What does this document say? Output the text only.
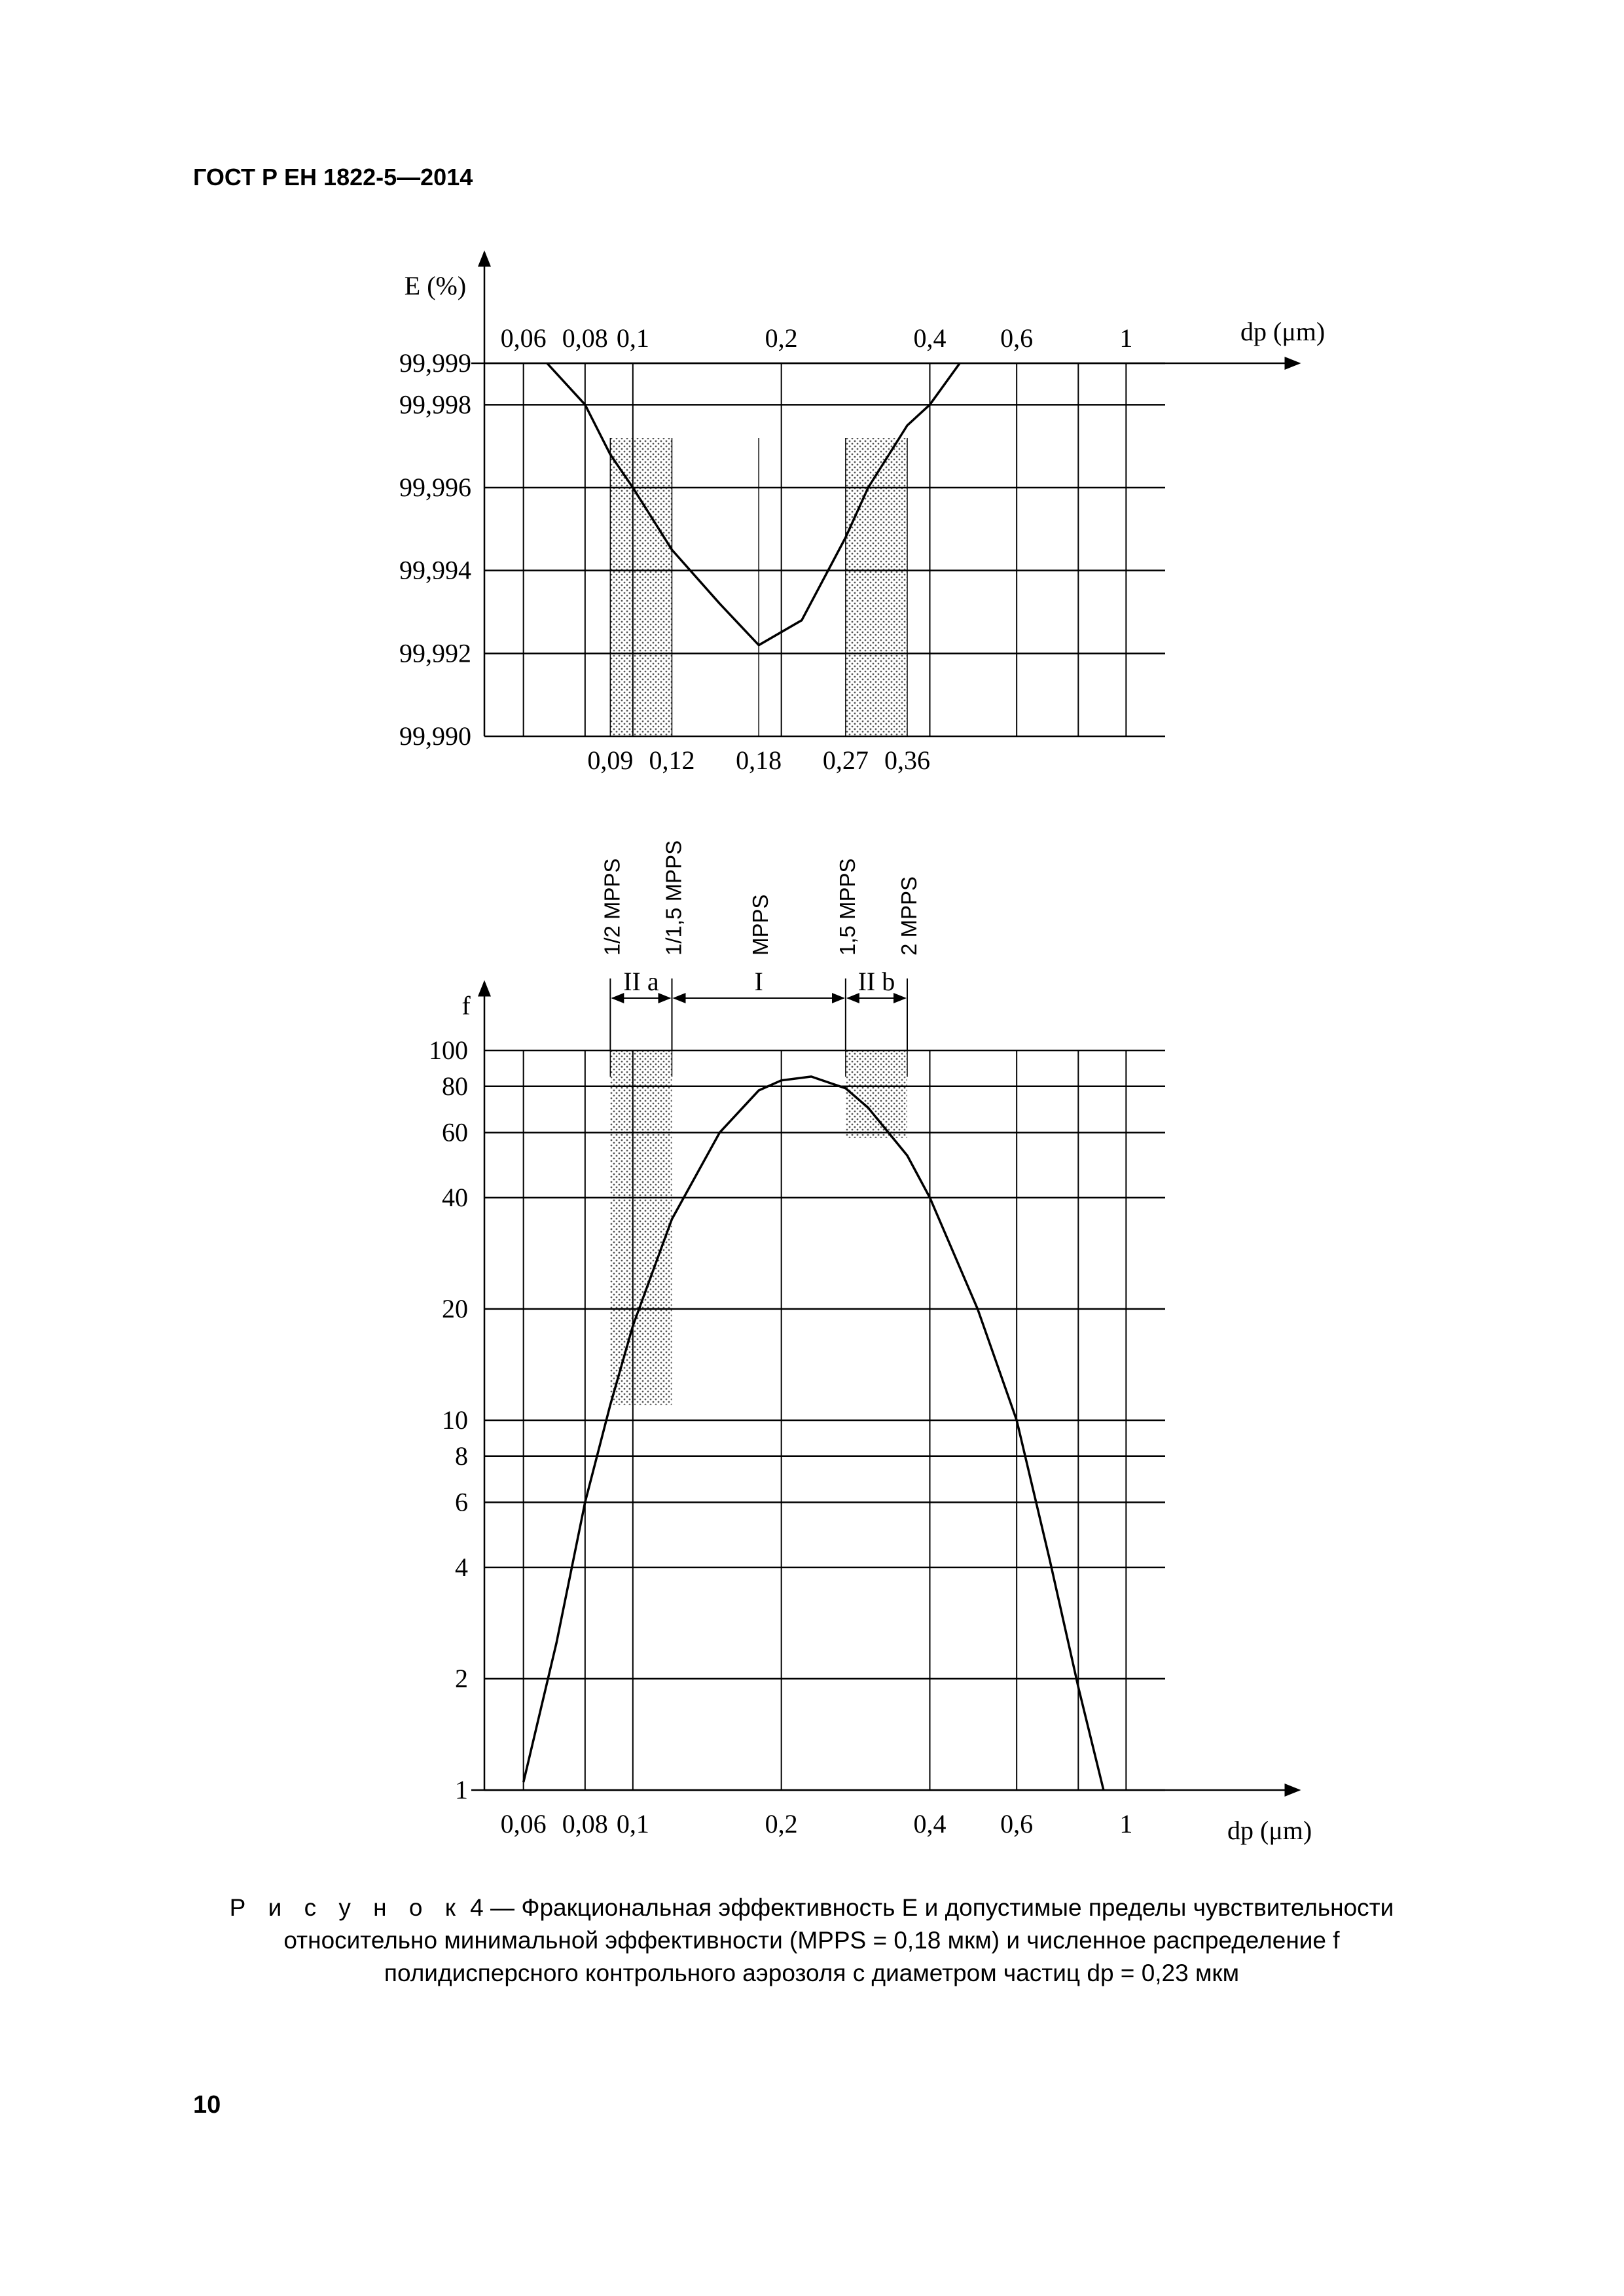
ГОСТ Р ЕН 1822-5—2014
99,999
99,998
99,996
99,994
99,992
99,990
0,06 0,08 0,1	0,2	0,4 0,6	1
0,09 0,12 0,18 0,27 0,36
E (%)
dp (μm)
100
80
60
40
20
10
8
6
4
2
1
0,06 0,08 0,1	0,2	0,4 0,6	1
f
dp (μm)
1/2 MPPS 1/1,5 MPPS	MPPS	1,5 MPPS 2 MPPS
II a	I	II b
Р и с у н о к 4 — Фракциональная эффективность E и допустимые пределы чувствительности
относительно минимальной эффективности (MPPS = 0,18 мкм) и численное распределение f
полидисперсного контрольного аэрозоля с диаметром частиц dp = 0,23 мкм
10
